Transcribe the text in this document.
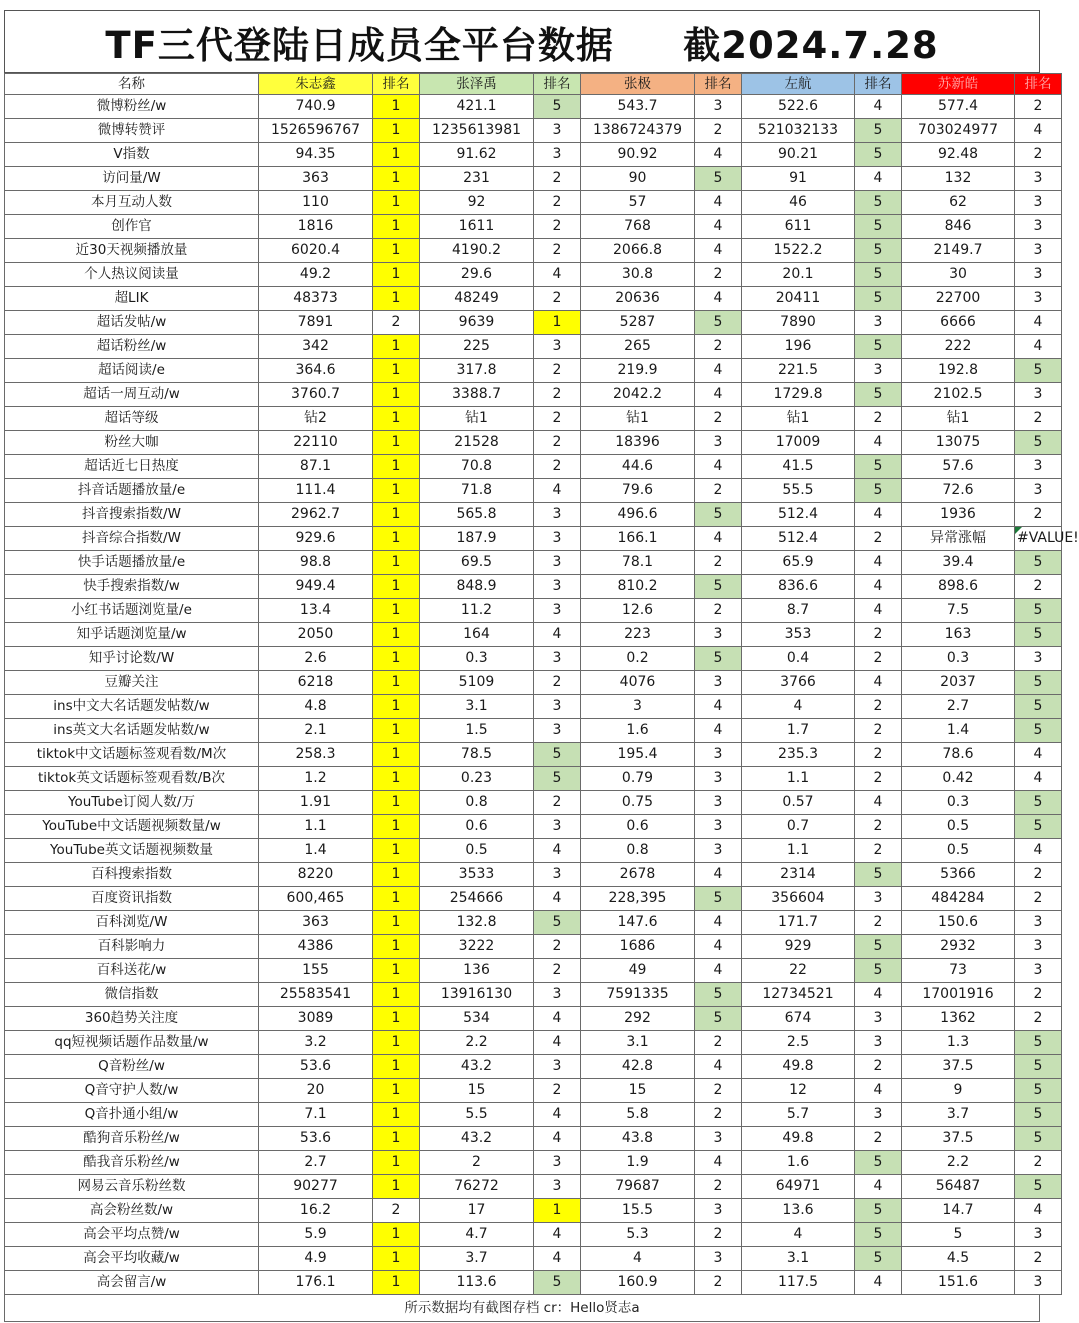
TF三代登陆日成员全平台数据     截2024.7.28
名称	朱志鑫	排名	张泽禹	排名	张极	排名	左航	排名	苏新皓	排名
微博粉丝/w	740.9	1	421.1	5	543.7	3	522.6	4	577.4	2
微博转赞评	1526596767	1	1235613981	3	1386724379	2	521032133	5	703024977	4
V指数	94.35	1	91.62	3	90.92	4	90.21	5	92.48	2
访问量/W	363	1	231	2	90	5	91	4	132	3
本月互动人数	110	1	92	2	57	4	46	5	62	3
创作官	1816	1	1611	2	768	4	611	5	846	3
近30天视频播放量	6020.4	1	4190.2	2	2066.8	4	1522.2	5	2149.7	3
个人热议阅读量	49.2	1	29.6	4	30.8	2	20.1	5	30	3
超LIK	48373	1	48249	2	20636	4	20411	5	22700	3
超话发帖/w	7891	2	9639	1	5287	5	7890	3	6666	4
超话粉丝/w	342	1	225	3	265	2	196	5	222	4
超话阅读/e	364.6	1	317.8	2	219.9	4	221.5	3	192.8	5
超话一周互动/w	3760.7	1	3388.7	2	2042.2	4	1729.8	5	2102.5	3
超话等级	钻2	1	钻1	2	钻1	2	钻1	2	钻1	2
粉丝大咖	22110	1	21528	2	18396	3	17009	4	13075	5
超话近七日热度	87.1	1	70.8	2	44.6	4	41.5	5	57.6	3
抖音话题播放量/e	111.4	1	71.8	4	79.6	2	55.5	5	72.6	3
抖音搜索指数/W	2962.7	1	565.8	3	496.6	5	512.4	4	1936	2
抖音综合指数/W	929.6	1	187.9	3	166.1	4	512.4	2	异常涨幅	#VALUE!
快手话题播放量/e	98.8	1	69.5	3	78.1	2	65.9	4	39.4	5
快手搜索指数/w	949.4	1	848.9	3	810.2	5	836.6	4	898.6	2
小红书话题浏览量/e	13.4	1	11.2	3	12.6	2	8.7	4	7.5	5
知乎话题浏览量/w	2050	1	164	4	223	3	353	2	163	5
知乎讨论数/W	2.6	1	0.3	3	0.2	5	0.4	2	0.3	3
豆瓣关注	6218	1	5109	2	4076	3	3766	4	2037	5
ins中文大名话题发帖数/w	4.8	1	3.1	3	3	4	4	2	2.7	5
ins英文大名话题发帖数/w	2.1	1	1.5	3	1.6	4	1.7	2	1.4	5
tiktok中文话题标签观看数/M次	258.3	1	78.5	5	195.4	3	235.3	2	78.6	4
tiktok英文话题标签观看数/B次	1.2	1	0.23	5	0.79	3	1.1	2	0.42	4
YouTube订阅人数/万	1.91	1	0.8	2	0.75	3	0.57	4	0.3	5
YouTube中文话题视频数量/w	1.1	1	0.6	3	0.6	3	0.7	2	0.5	5
YouTube英文话题视频数量	1.4	1	0.5	4	0.8	3	1.1	2	0.5	4
百科搜索指数	8220	1	3533	3	2678	4	2314	5	5366	2
百度资讯指数	600,465	1	254666	4	228,395	5	356604	3	484284	2
百科浏览/W	363	1	132.8	5	147.6	4	171.7	2	150.6	3
百科影响力	4386	1	3222	2	1686	4	929	5	2932	3
百科送花/w	155	1	136	2	49	4	22	5	73	3
微信指数	25583541	1	13916130	3	7591335	5	12734521	4	17001916	2
360趋势关注度	3089	1	534	4	292	5	674	3	1362	2
qq短视频话题作品数量/w	3.2	1	2.2	4	3.1	2	2.5	3	1.3	5
Q音粉丝/w	53.6	1	43.2	3	42.8	4	49.8	2	37.5	5
Q音守护人数/w	20	1	15	2	15	2	12	4	9	5
Q音扑通小组/w	7.1	1	5.5	4	5.8	2	5.7	3	3.7	5
酷狗音乐粉丝/w	53.6	1	43.2	4	43.8	3	49.8	2	37.5	5
酷我音乐粉丝/w	2.7	1	2	3	1.9	4	1.6	5	2.2	2
网易云音乐粉丝数	90277	1	76272	3	79687	2	64971	4	56487	5
高会粉丝数/w	16.2	2	17	1	15.5	3	13.6	5	14.7	4
高会平均点赞/w	5.9	1	4.7	4	5.3	2	4	5	5	3
高会平均收藏/w	4.9	1	3.7	4	4	3	3.1	5	4.5	2
高会留言/w	176.1	1	113.6	5	160.9	2	117.5	4	151.6	3
所示数据均有截图存档 cr：Hello贤志a
